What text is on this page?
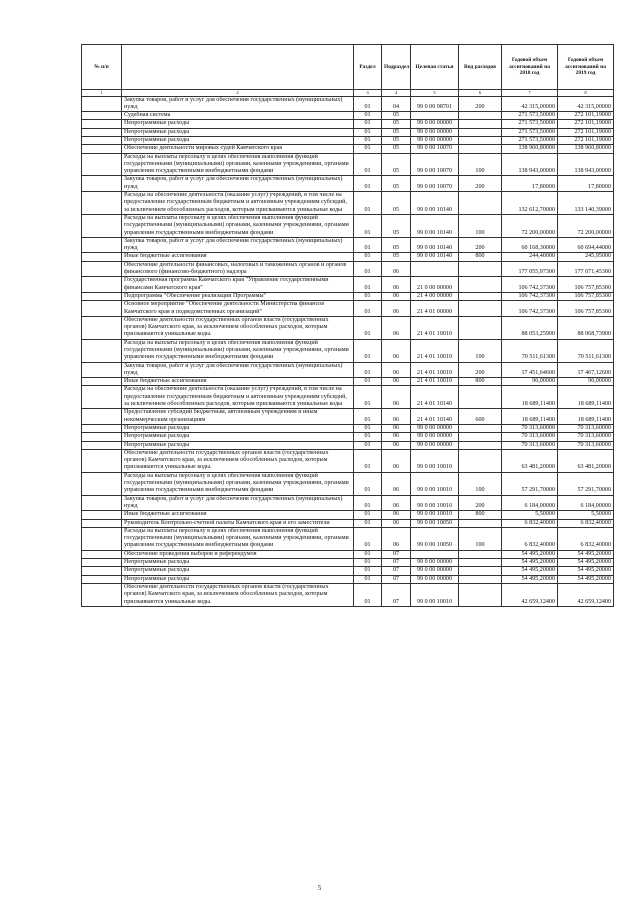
№ п/п		Раздел	Подраздел	Целевая статья	Вид расходов	Годовой объем ассигнований на 2018 год	Годовой объем ассигнований на 2019 год
1	2	3	4	5	6	7	8
	Закупка товаров, работ и услуг для обеспечения государственных (муниципальных) нужд	01	04	99 0 00 98701	200	42 315,00000	42 315,00000
	Судебная система	01	05			271 573,50000	272 101,19000
	Непрограммные расходы	01	05	99 0 00 00000		271 573,50000	272 101,19000
	Непрограммные расходы	01	05	99 0 00 00000		271 573,50000	272 101,19000
	Непрограммные расходы	01	05	99 0 00 00000		271 573,50000	272 101,19000
	Обеспечение деятельности мировых судей Камчатского края	01	05	99 0 00 10070		138 960,80000	138 960,80000
	Расходы на выплаты персоналу в целях обеспечения выполнения функций государственными (муниципальными) органами, казенными учреждениями, органами управления государственными внебюджетными фондами	01	05	99 0 00 10070	100	138 943,00000	138 943,00000
	Закупка товаров, работ и услуг для обеспечения государственных (муниципальных) нужд	01	05	99 0 00 10070	200	17,80000	17,80000
	Расходы на обеспечение деятельности (оказание услуг) учреждений, в том числе на предоставление государственным бюджетным и автономным учреждениям субсидий, за исключением обособленных расходов, которым присваиваются уникальные коды	01	05	99 0 00 10140		132 612,70000	133 140,39000
	Расходы на выплаты персоналу в целях обеспечения выполнения функций государственными (муниципальными) органами, казенными учреждениями, органами управления государственными внебюджетными фондами	01	05	99 0 00 10140	100	72 200,00000	72 200,00000
	Закупка товаров, работ и услуг для обеспечения государственных (муниципальных) нужд	01	05	99 0 00 10140	200	60 168,30000	60 694,44000
	Иные бюджетные ассигнования	01	05	99 0 00 10140	800	244,40000	245,95000
	Обеспечение деятельности финансовых, налоговых и таможенных органов и органов финансового (финансово-бюджетного) надзора	01	06			177 055,97300	177 071,45300
	Государственная программа Камчатского края "Управление государственными финансами Камчатского края"	01	06	21 0 00 00000		106 742,37300	106 757,85300
	Подпрограмма "Обеспечение реализации Программы"	01	06	21 4 00 00000		106 742,37300	106 757,85300
	Основное мероприятие "Обеспечение деятельности Министерства финансов Камчатского края и подведомственных организаций"	01	06	21 4 01 00000		106 742,37300	106 757,85300
	Обеспечение деятельности государственных органов власти (государственных органов) Камчатского края, за исключением обособленных расходов, которым присваиваются уникальные коды.	01	06	21 4 01 10010		88 053,25900	88 068,73900
	Расходы на выплаты персоналу в целях обеспечения выполнения функций государственными (муниципальными) органами, казенными учреждениями, органами управления государственными внебюджетными фондами	01	06	21 4 01 10010	100	70 511,61300	70 511,61300
	Закупка товаров, работ и услуг для обеспечения государственных (муниципальных) нужд	01	06	21 4 01 10010	200	17 451,64600	17 467,12600
	Иные бюджетные ассигнования	01	06	21 4 01 10010	800	90,00000	90,00000
	Расходы на обеспечение деятельности (оказание услуг) учреждений, в том числе на предоставление государственным бюджетным и автономным учреждениям субсидий, за исключением обособленных расходов, которым присваиваются уникальные коды	01	06	21 4 01 10140		18 689,11400	18 689,11400
	Предоставление субсидий бюджетным, автономным учреждениям и иным некоммерческим организациям	01	06	21 4 01 10140	600	18 689,11400	18 689,11400
	Непрограммные расходы	01	06	99 0 00 00000		70 313,60000	70 313,60000
	Непрограммные расходы	01	06	99 0 00 00000		70 313,60000	70 313,60000
	Непрограммные расходы	01	06	99 0 00 00000		70 313,60000	70 313,60000
	Обеспечение деятельности государственных органов власти (государственных органов) Камчатского края, за исключением обособленных расходов, которым присваиваются уникальные коды.	01	06	99 0 00 10010		63 481,20000	63 481,20000
	Расходы на выплаты персоналу в целях обеспечения выполнения функций государственными (муниципальными) органами, казенными учреждениями, органами управления государственными внебюджетными фондами	01	06	99 0 00 10010	100	57 291,70000	57 291,70000
	Закупка товаров, работ и услуг для обеспечения государственных (муниципальных) нужд	01	06	99 0 00 10010	200	6 184,00000	6 184,00000
	Иные бюджетные ассигнования	01	06	99 0 00 10010	800	5,50000	5,50000
	Руководитель Контрольно-счетной палаты Камчатского края и его заместители	01	06	99 0 00 10050		6 832,40000	6 832,40000
	Расходы на выплаты персоналу в целях обеспечения выполнения функций государственными (муниципальными) органами, казенными учреждениями, органами управления государственными внебюджетными фондами	01	06	99 0 00 10050	100	6 832,40000	6 832,40000
	Обеспечение проведения выборов и референдумов	01	07			54 495,20000	54 495,20000
	Непрограммные расходы	01	07	99 0 00 00000		54 495,20000	54 495,20000
	Непрограммные расходы	01	07	99 0 00 00000		54 495,20000	54 495,20000
	Непрограммные расходы	01	07	99 0 00 00000		54 495,20000	54 495,20000
	Обеспечение деятельности государственных органов власти (государственных органов) Камчатского края, за исключением обособленных расходов, которым присваиваются уникальные коды.	01	07	99 0 00 10010		42 659,12400	42 659,12400
5
